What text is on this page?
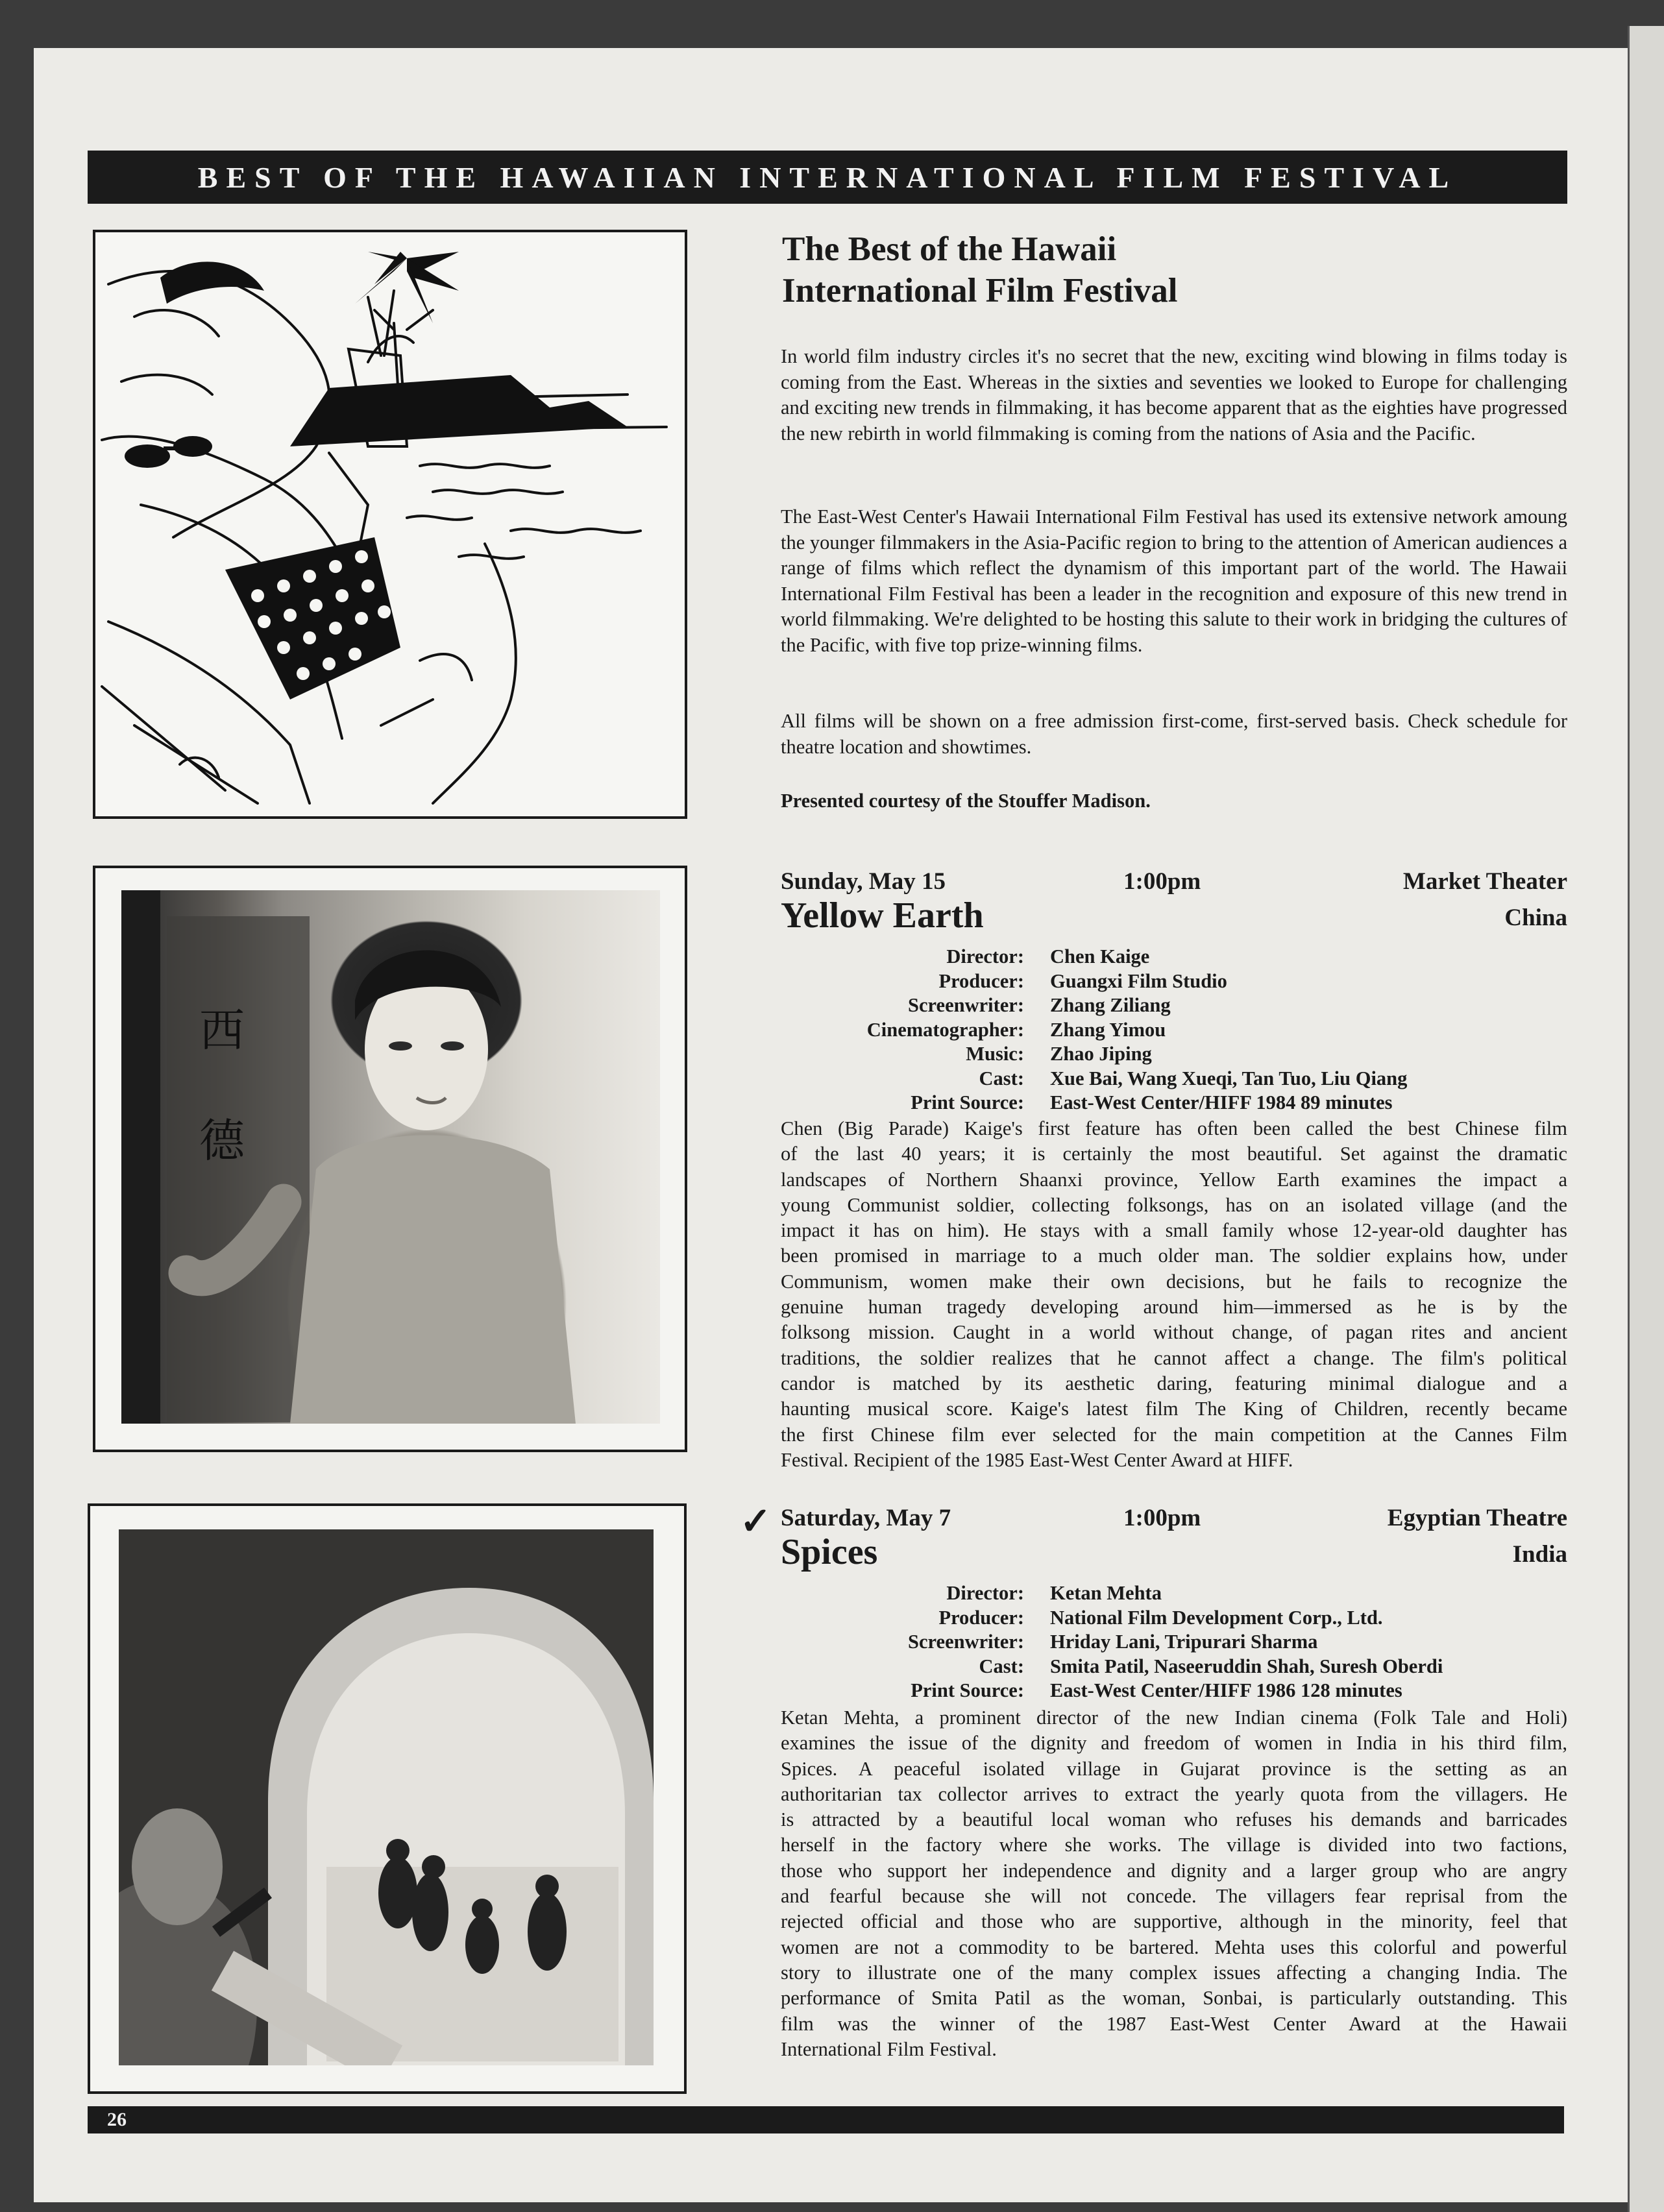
BEST OF THE HAWAIIAN INTERNATIONAL FILM FESTIVAL
西
德
The Best of the Hawaii
International Film Festival

In world film industry circles it's no secret that the new, exciting wind blowing in films today is coming from the East. Whereas in the sixties and seventies we looked to Europe for challenging and exciting new trends in filmmaking, it has become apparent that as the eighties have progressed the new rebirth in world filmmaking is coming from the nations of Asia and the Pacific.

The East-West Center's Hawaii International Film Festival has used its extensive network amoung the younger filmmakers in the Asia-Pacific region to bring to the attention of American audiences a range of films which reflect the dynamism of this important part of the world. The Hawaii International Film Festival has been a leader in the recognition and exposure of this new trend in world filmmaking. We're delighted to be hosting this salute to their work in bridging the cultures of the Pacific, with five top prize-winning films.

All films will be shown on a free admission first-come, first-served basis. Check schedule for theatre location and showtimes.

Presented courtesy of the Stouffer Madison.

Sunday, May 15	1:00pm	Market Theater
Yellow Earth	China
Director:	Chen Kaige
Producer:	Guangxi Film Studio
Screenwriter:	Zhang Ziliang
Cinematographer:	Zhang Yimou
Music:	Zhao Jiping
Cast:	Xue Bai, Wang Xueqi, Tan Tuo, Liu Qiang
Print Source:	East-West Center/HIFF 1984 89 minutes
Chen (Big Parade) Kaige's first feature has often been called the best Chinese film
of the last 40 years; it is certainly the most beautiful. Set against the dramatic
landscapes of Northern Shaanxi province, Yellow Earth examines the impact a
young Communist soldier, collecting folksongs, has on an isolated village (and the
impact it has on him). He stays with a small family whose 12-year-old daughter has
been promised in marriage to a much older man. The soldier explains how, under
Communism, women make their own decisions, but he fails to recognize the
genuine human tragedy developing around him—immersed as he is by the
folksong mission. Caught in a world without change, of pagan rites and ancient
traditions, the soldier realizes that he cannot affect a change. The film's political
candor is matched by its aesthetic daring, featuring minimal dialogue and a
haunting musical score. Kaige's latest film The King of Children, recently became
the first Chinese film ever selected for the main competition at the Cannes Film
Festival. Recipient of the 1985 East-West Center Award at HIFF.
✓ Saturday, May 7	1:00pm	Egyptian Theatre
Spices	India
Director:	Ketan Mehta
Producer:	National Film Development Corp., Ltd.
Screenwriter:	Hriday Lani, Tripurari Sharma
Cast:	Smita Patil, Naseeruddin Shah, Suresh Oberdi
Print Source:	East-West Center/HIFF 1986 128 minutes
Ketan Mehta, a prominent director of the new Indian cinema (Folk Tale and Holi)
examines the issue of the dignity and freedom of women in India in his third film,
Spices. A peaceful isolated village in Gujarat province is the setting as an
authoritarian tax collector arrives to extract the yearly quota from the villagers. He
is attracted by a beautiful local woman who refuses his demands and barricades
herself in the factory where she works. The village is divided into two factions,
those who support her independence and dignity and a larger group who are angry
and fearful because she will not concede. The villagers fear reprisal from the
rejected official and those who are supportive, although in the minority, feel that
women are not a commodity to be bartered. Mehta uses this colorful and powerful
story to illustrate one of the many complex issues affecting a changing India. The
performance of Smita Patil as the woman, Sonbai, is particularly outstanding. This
film was the winner of the 1987 East-West Center Award at the Hawaii
International Film Festival.
26
